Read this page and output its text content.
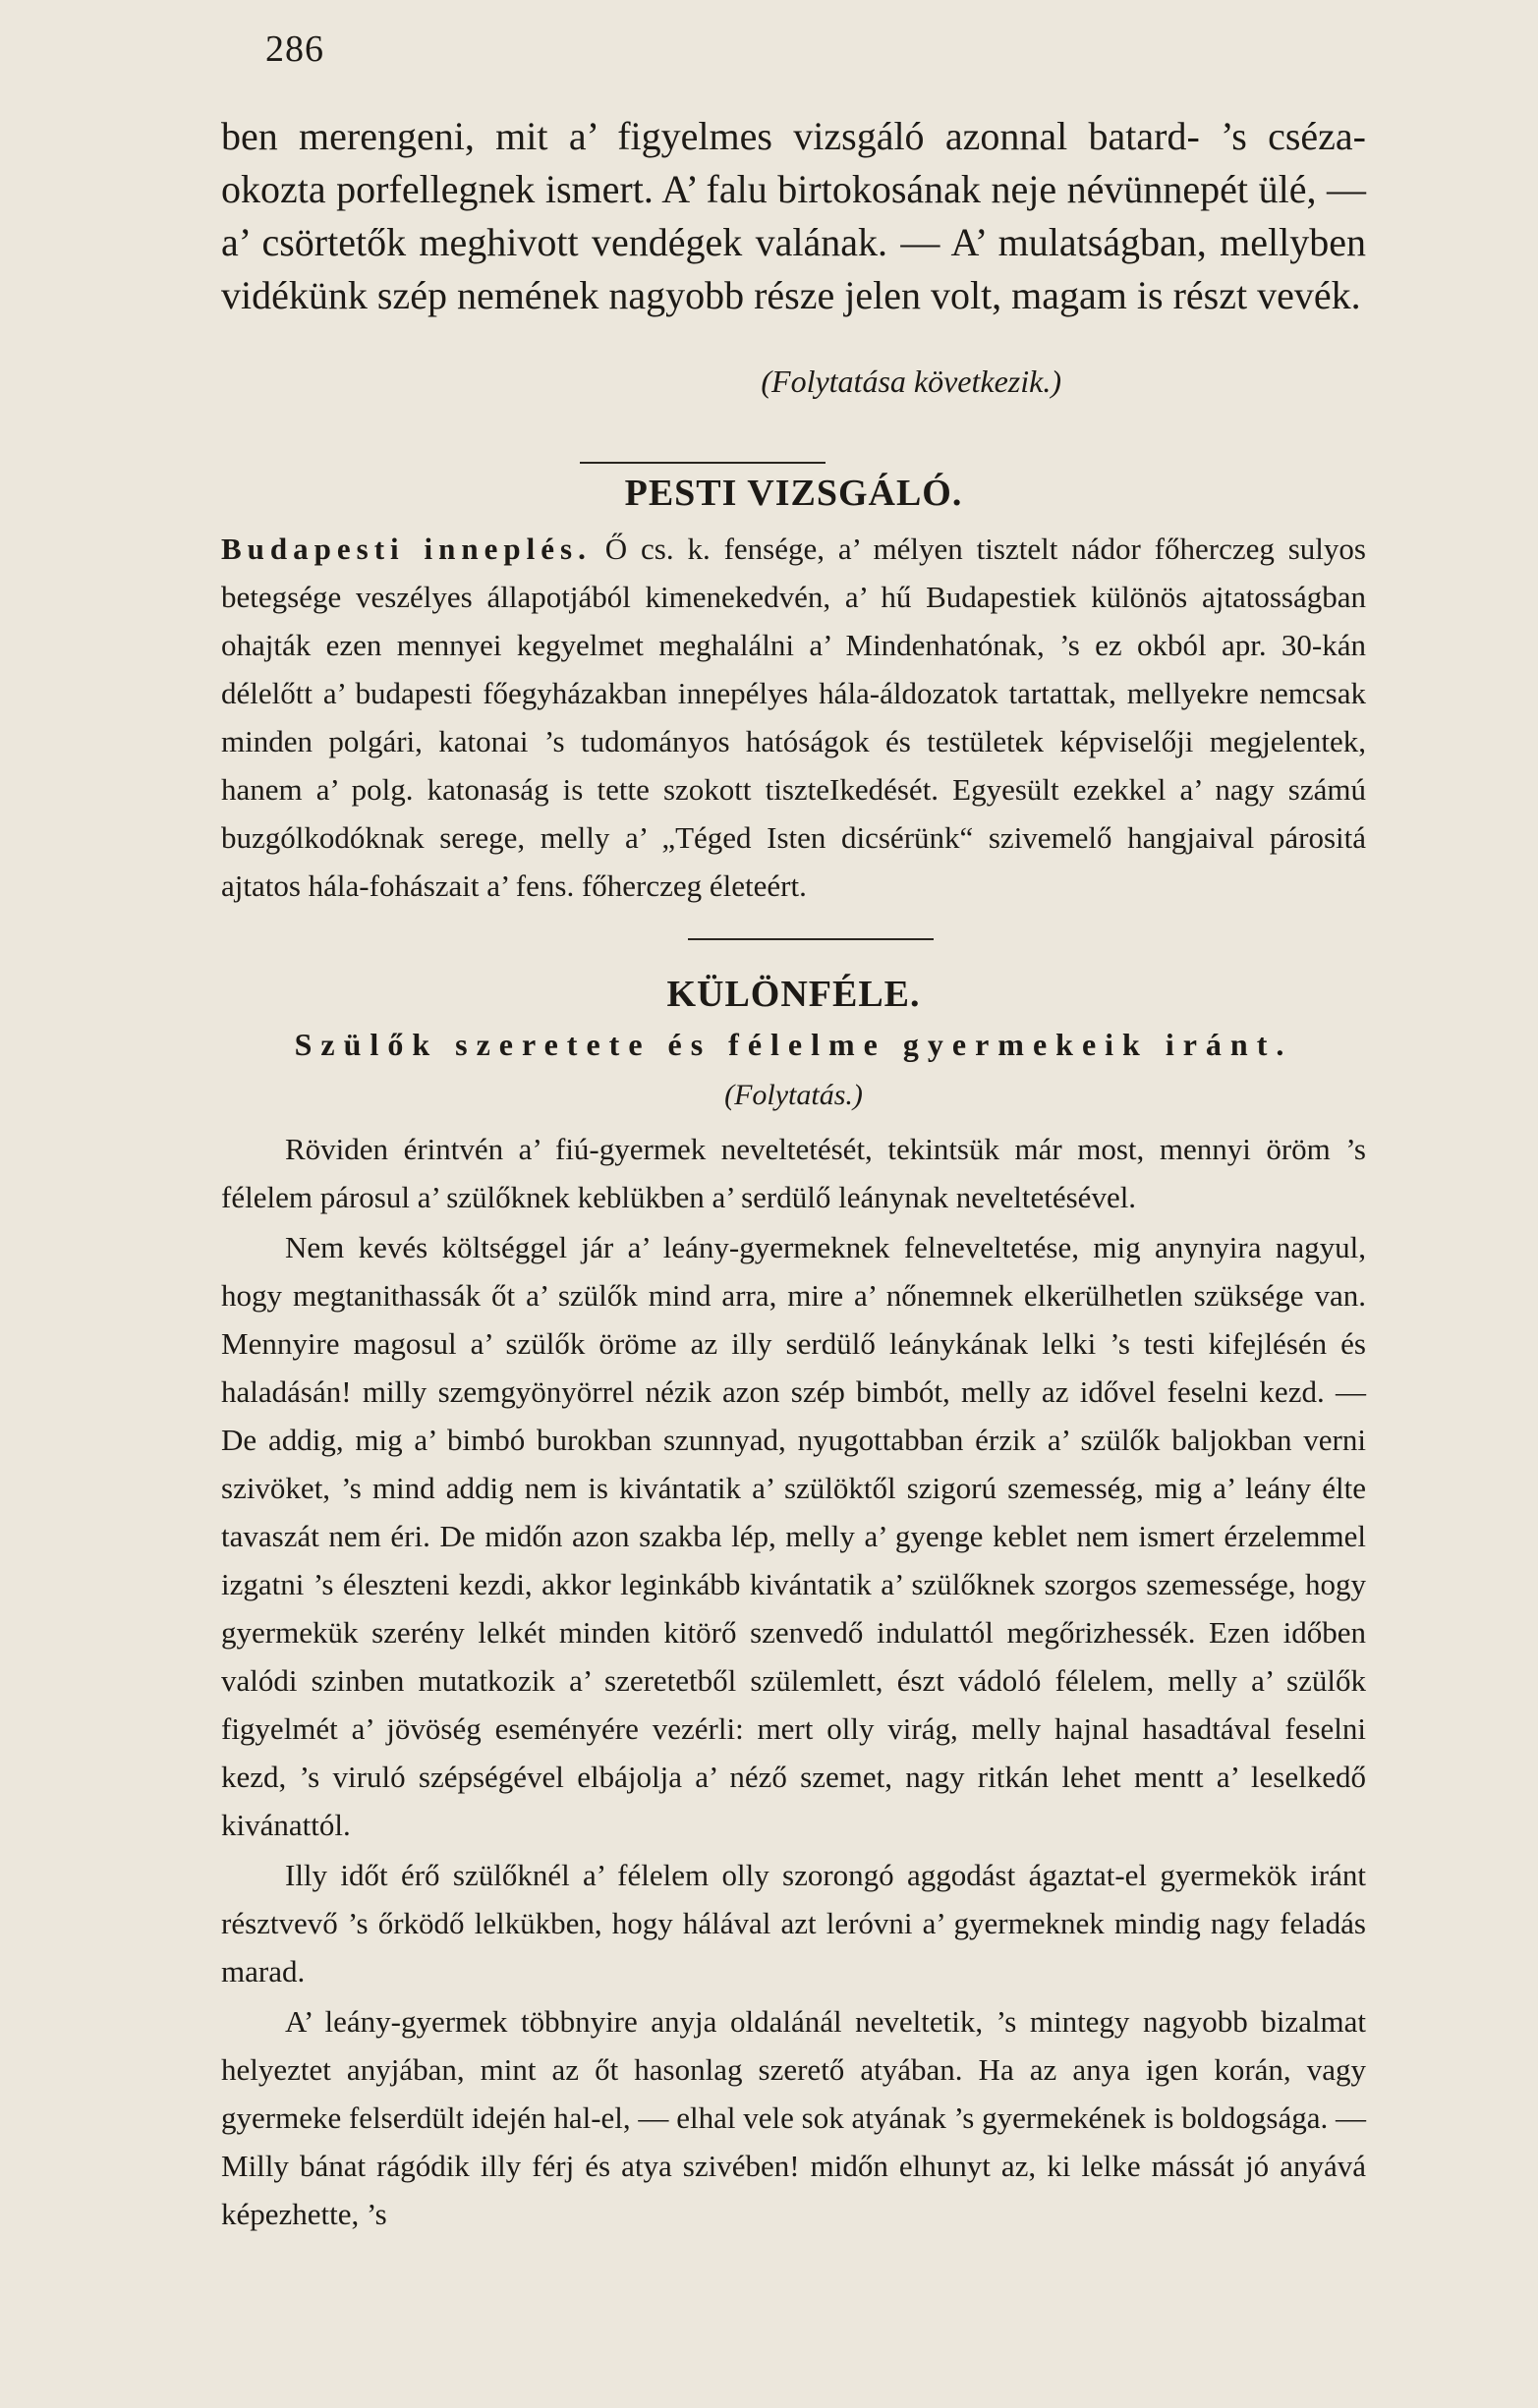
286

ben merengeni, mit a’ figyelmes vizsgáló azonnal batard- ’s cséza-okozta porfellegnek ismert. A’ falu birtokosának neje névünnepét ülé, — a’ csörtetők meghivott vendégek valának. — A’ mulatságban, mellyben vidékünk szép nemének nagyobb része jelen volt, magam is részt vevék.

(Folytatása következik.)
PESTI VIZSGÁLÓ.

Budapesti inneplés. Ő cs. k. fensége, a’ mélyen tisztelt nádor főherczeg sulyos betegsége veszélyes állapotjából kimenekedvén, a’ hű Budapestiek különös ajtatosságban ohajták ezen mennyei kegyelmet meghalálni a’ Mindenhatónak, ’s ez okból apr. 30-kán délelőtt a’ budapesti főegyházakban innepélyes hála-áldozatok tartattak, mellyekre nemcsak minden polgári, katonai ’s tudományos hatóságok és testületek képviselőji megjelentek, hanem a’ polg. katonaság is tette szokott tiszteIkedését. Egyesült ezekkel a’ nagy számú buzgólkodóknak serege, melly a’ „Téged Isten dicsérünk“ szivemelő hangjaival párositá ajtatos hála-fohászait a’ fens. főherczeg életeért.

KÜLÖNFÉLE.
Szülők szeretete és félelme gyermekeik iránt.
(Folytatás.)

Röviden érintvén a’ fiú-gyermek neveltetését, tekintsük már most, mennyi öröm ’s félelem párosul a’ szülőknek keblükben a’ serdülő leánynak neveltetésével.

Nem kevés költséggel jár a’ leány-gyermeknek felneveltetése, mig anynyira nagyul, hogy megtanithassák őt a’ szülők mind arra, mire a’ nőnemnek elkerülhetlen szüksége van. Mennyire magosul a’ szülők öröme az illy serdülő leánykának lelki ’s testi kifejlésén és haladásán! milly szemgyönyörrel nézik azon szép bimbót, melly az idővel feselni kezd. — De addig, mig a’ bimbó burokban szunnyad, nyugottabban érzik a’ szülők baljokban verni szivöket, ’s mind addig nem is kivántatik a’ szülöktől szigorú szemesség, mig a’ leány élte tavaszát nem éri. De midőn azon szakba lép, melly a’ gyenge keblet nem ismert érzelemmel izgatni ’s éleszteni kezdi, akkor leginkább kivántatik a’ szülőknek szorgos szemessége, hogy gyermekük szerény lelkét minden kitörő szenvedő indulattól megőrizhessék. Ezen időben valódi szinben mutatkozik a’ szeretetből szülemlett, észt vádoló félelem, melly a’ szülők figyelmét a’ jövöség eseményére vezérli: mert olly virág, melly hajnal hasadtával feselni kezd, ’s viruló szépségével elbájolja a’ néző szemet, nagy ritkán lehet mentt a’ leselkedő kivánattól.

Illy időt érő szülőknél a’ félelem olly szorongó aggodást ágaztat-el gyermekök iránt résztvevő ’s őrködő lelkükben, hogy hálával azt leróvni a’ gyermeknek mindig nagy feladás marad.

A’ leány-gyermek többnyire anyja oldalánál neveltetik, ’s mintegy nagyobb bizalmat helyeztet anyjában, mint az őt hasonlag szerető atyában. Ha az anya igen korán, vagy gyermeke felserdült idején hal-el, — elhal vele sok atyának ’s gyermekének is boldogsága. — Milly bánat rágódik illy férj és atya szivében! midőn elhunyt az, ki lelke mássát jó anyává képezhette, ’s
